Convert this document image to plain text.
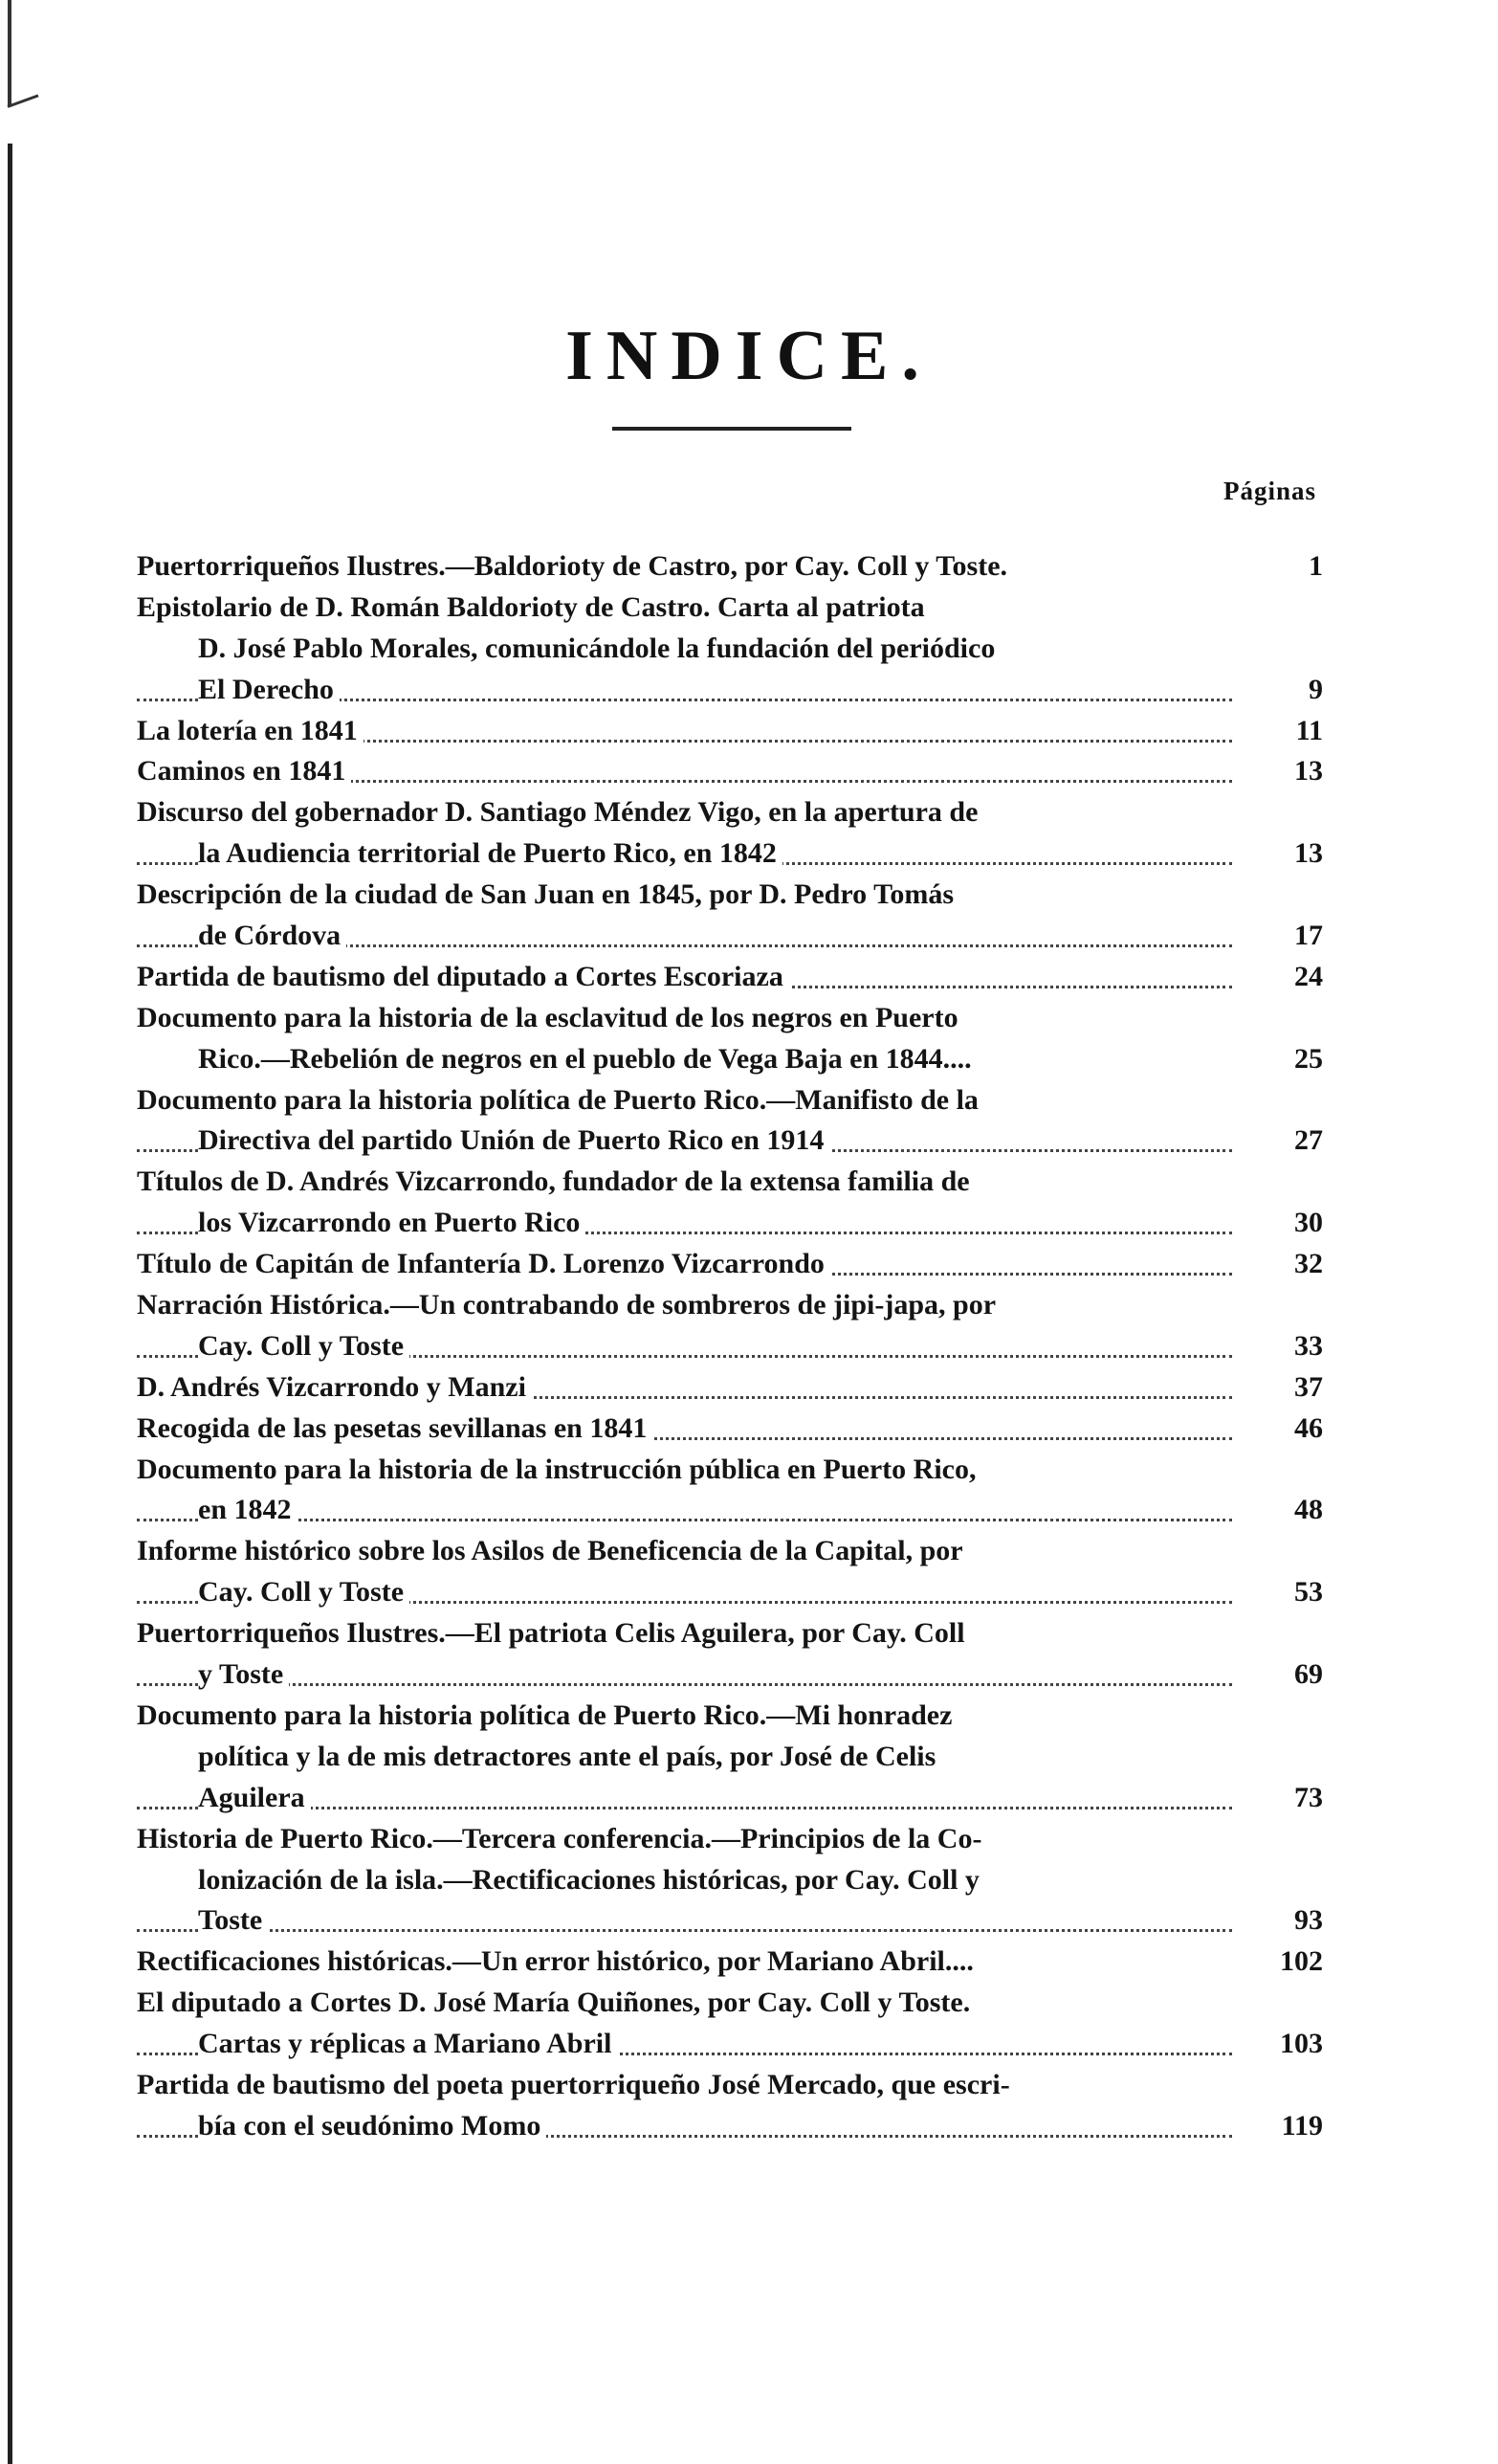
INDICE.
Páginas
Puertorriqueños Ilustres.—Baldorioty de Castro, por Cay. Coll y Toste.	1
Epistolario de D. Román Baldorioty de Castro. Carta al patriota
D. José Pablo Morales, comunicándole la fundación del periódico
El Derecho	9
La lotería en 1841	11
Caminos en 1841	13
Discurso del gobernador D. Santiago Méndez Vigo, en la apertura de
la Audiencia territorial de Puerto Rico, en 1842	13
Descripción de la ciudad de San Juan en 1845, por D. Pedro Tomás
de Córdova	17
Partida de bautismo del diputado a Cortes Escoriaza	24
Documento para la historia de la esclavitud de los negros en Puerto
Rico.—Rebelión de negros en el pueblo de Vega Baja en 1844....	25
Documento para la historia política de Puerto Rico.—Manifisto de la
Directiva del partido Unión de Puerto Rico en 1914	27
Títulos de D. Andrés Vizcarrondo, fundador de la extensa familia de
los Vizcarrondo en Puerto Rico	30
Título de Capitán de Infantería D. Lorenzo Vizcarrondo	32
Narración Histórica.—Un contrabando de sombreros de jipi-japa, por
Cay. Coll y Toste	33
D. Andrés Vizcarrondo y Manzi	37
Recogida de las pesetas sevillanas en 1841	46
Documento para la historia de la instrucción pública en Puerto Rico,
en 1842	48
Informe histórico sobre los Asilos de Beneficencia de la Capital, por
Cay. Coll y Toste	53
Puertorriqueños Ilustres.—El patriota Celis Aguilera, por Cay. Coll
y Toste	69
Documento para la historia política de Puerto Rico.—Mi honradez
política y la de mis detractores ante el país, por José de Celis
Aguilera	73
Historia de Puerto Rico.—Tercera conferencia.—Principios de la Co-
lonización de la isla.—Rectificaciones históricas, por Cay. Coll y
Toste	93
Rectificaciones históricas.—Un error histórico, por Mariano Abril....	102
El diputado a Cortes D. José María Quiñones, por Cay. Coll y Toste.
Cartas y réplicas a Mariano Abril	103
Partida de bautismo del poeta puertorriqueño José Mercado, que escri-
bía con el seudónimo Momo	119
